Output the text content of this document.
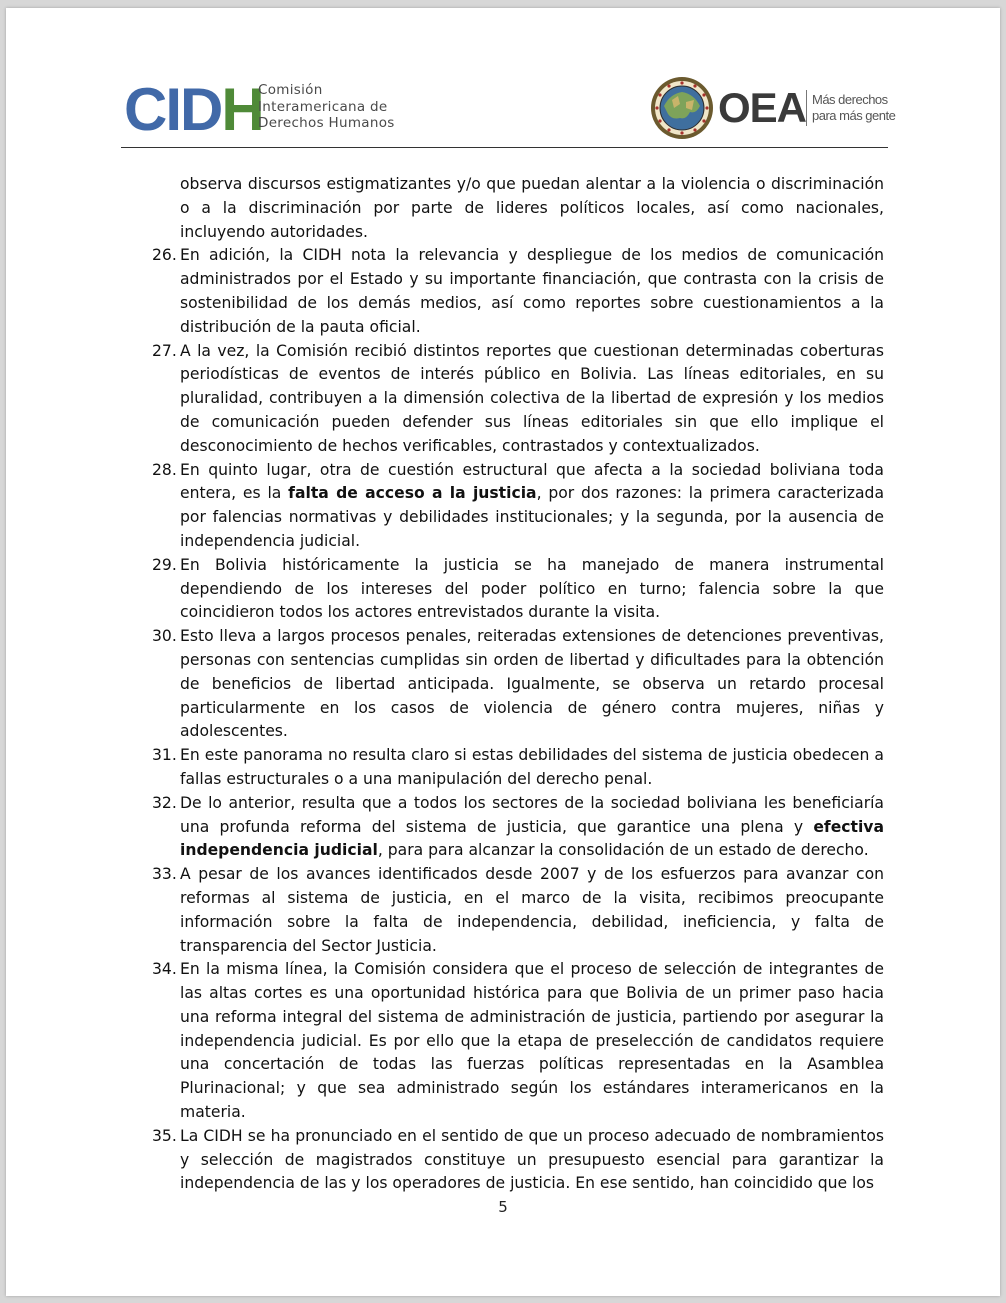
CIDH
Comisión
Interamericana de
Derechos Humanos	OEA Más derechos
para más gente
observa discursos estigmatizantes y/o que puedan alentar a la violencia o discriminación o a la discriminación por parte de lideres políticos locales, así como nacionales, incluyendo autoridades.
26. En adición, la CIDH nota la relevancia y despliegue de los medios de comunicación administrados por el Estado y su importante financiación, que contrasta con la crisis de sostenibilidad de los demás medios, así como reportes sobre cuestionamientos a la distribución de la pauta oficial.
27. A la vez, la Comisión recibió distintos reportes que cuestionan determinadas coberturas periodísticas de eventos de interés público en Bolivia. Las líneas editoriales, en su pluralidad, contribuyen a la dimensión colectiva de la libertad de expresión y los medios de comunicación pueden defender sus líneas editoriales sin que ello implique el desconocimiento de hechos verificables, contrastados y contextualizados.
28. En quinto lugar, otra de cuestión estructural que afecta a la sociedad boliviana toda entera, es la falta de acceso a la justicia, por dos razones: la primera caracterizada por falencias normativas y debilidades institucionales; y la segunda, por la ausencia de independencia judicial.
29. En Bolivia históricamente la justicia se ha manejado de manera instrumental dependiendo de los intereses del poder político en turno; falencia sobre la que coincidieron todos los actores entrevistados durante la visita.
30. Esto lleva a largos procesos penales, reiteradas extensiones de detenciones preventivas, personas con sentencias cumplidas sin orden de libertad y dificultades para la obtención de beneficios de libertad anticipada. Igualmente, se observa un retardo procesal particularmente en los casos de violencia de género contra mujeres, niñas y adolescentes.
31. En este panorama no resulta claro si estas debilidades del sistema de justicia obedecen a fallas estructurales o a una manipulación del derecho penal.
32. De lo anterior, resulta que a todos los sectores de la sociedad boliviana les beneficiaría una profunda reforma del sistema de justicia, que garantice una plena y efectiva independencia judicial, para para alcanzar la consolidación de un estado de derecho.
33. A pesar de los avances identificados desde 2007 y de los esfuerzos para avanzar con reformas al sistema de justicia, en el marco de la visita, recibimos preocupante información sobre la falta de independencia, debilidad, ineficiencia, y falta de transparencia del Sector Justicia.
34. En la misma línea, la Comisión considera que el proceso de selección de integrantes de las altas cortes es una oportunidad histórica para que Bolivia de un primer paso hacia una reforma integral del sistema de administración de justicia, partiendo por asegurar la independencia judicial. Es por ello que la etapa de preselección de candidatos requiere una concertación de todas las fuerzas políticas representadas en la Asamblea Plurinacional; y que sea administrado según los estándares interamericanos en la materia.
35. La CIDH se ha pronunciado en el sentido de que un proceso adecuado de nombramientos y selección de magistrados constituye un presupuesto esencial para garantizar la independencia de las y los operadores de justicia. En ese sentido, han coincidido que los
5
